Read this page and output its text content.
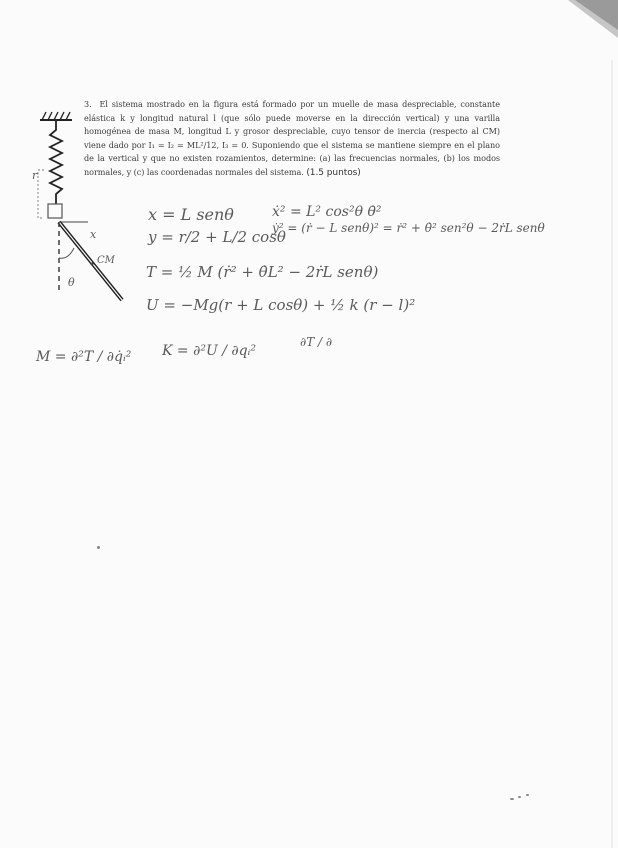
3. El sistema mostrado en la figura está formado por un muelle de masa despreciable, constante elástica k y longitud natural l (que sólo puede moverse en la dirección vertical) y una varilla homogénea de masa M, longitud L y grosor despreciable, cuyo tensor de inercia (respecto al CM) viene dado por I₁ = I₂ = ML²/12, I₃ = 0. Suponiendo que el sistema se mantiene siempre en el plano de la vertical y que no existen rozamientos, determine: (a) las frecuencias normales, (b) los modos normales, y (c) las coordenadas normales del sistema. (1.5 puntos)
r
x
CM
θ
x = L senθ
y = r/2 + L/2 cosθ
ẋ² = L² cos²θ θ̇²
ẏ² = (ṙ − L senθ)² = ṙ² + θ̇² sen²θ − 2ṙL senθ
T = ½ M (ṙ² + θ̇L² − 2ṙL senθ)
U = −Mg(r + L cosθ) + ½ k (r − l)²
M = ∂²T / ∂q̇ᵢ² K = ∂²U / ∂qᵢ²
∂T / ∂
